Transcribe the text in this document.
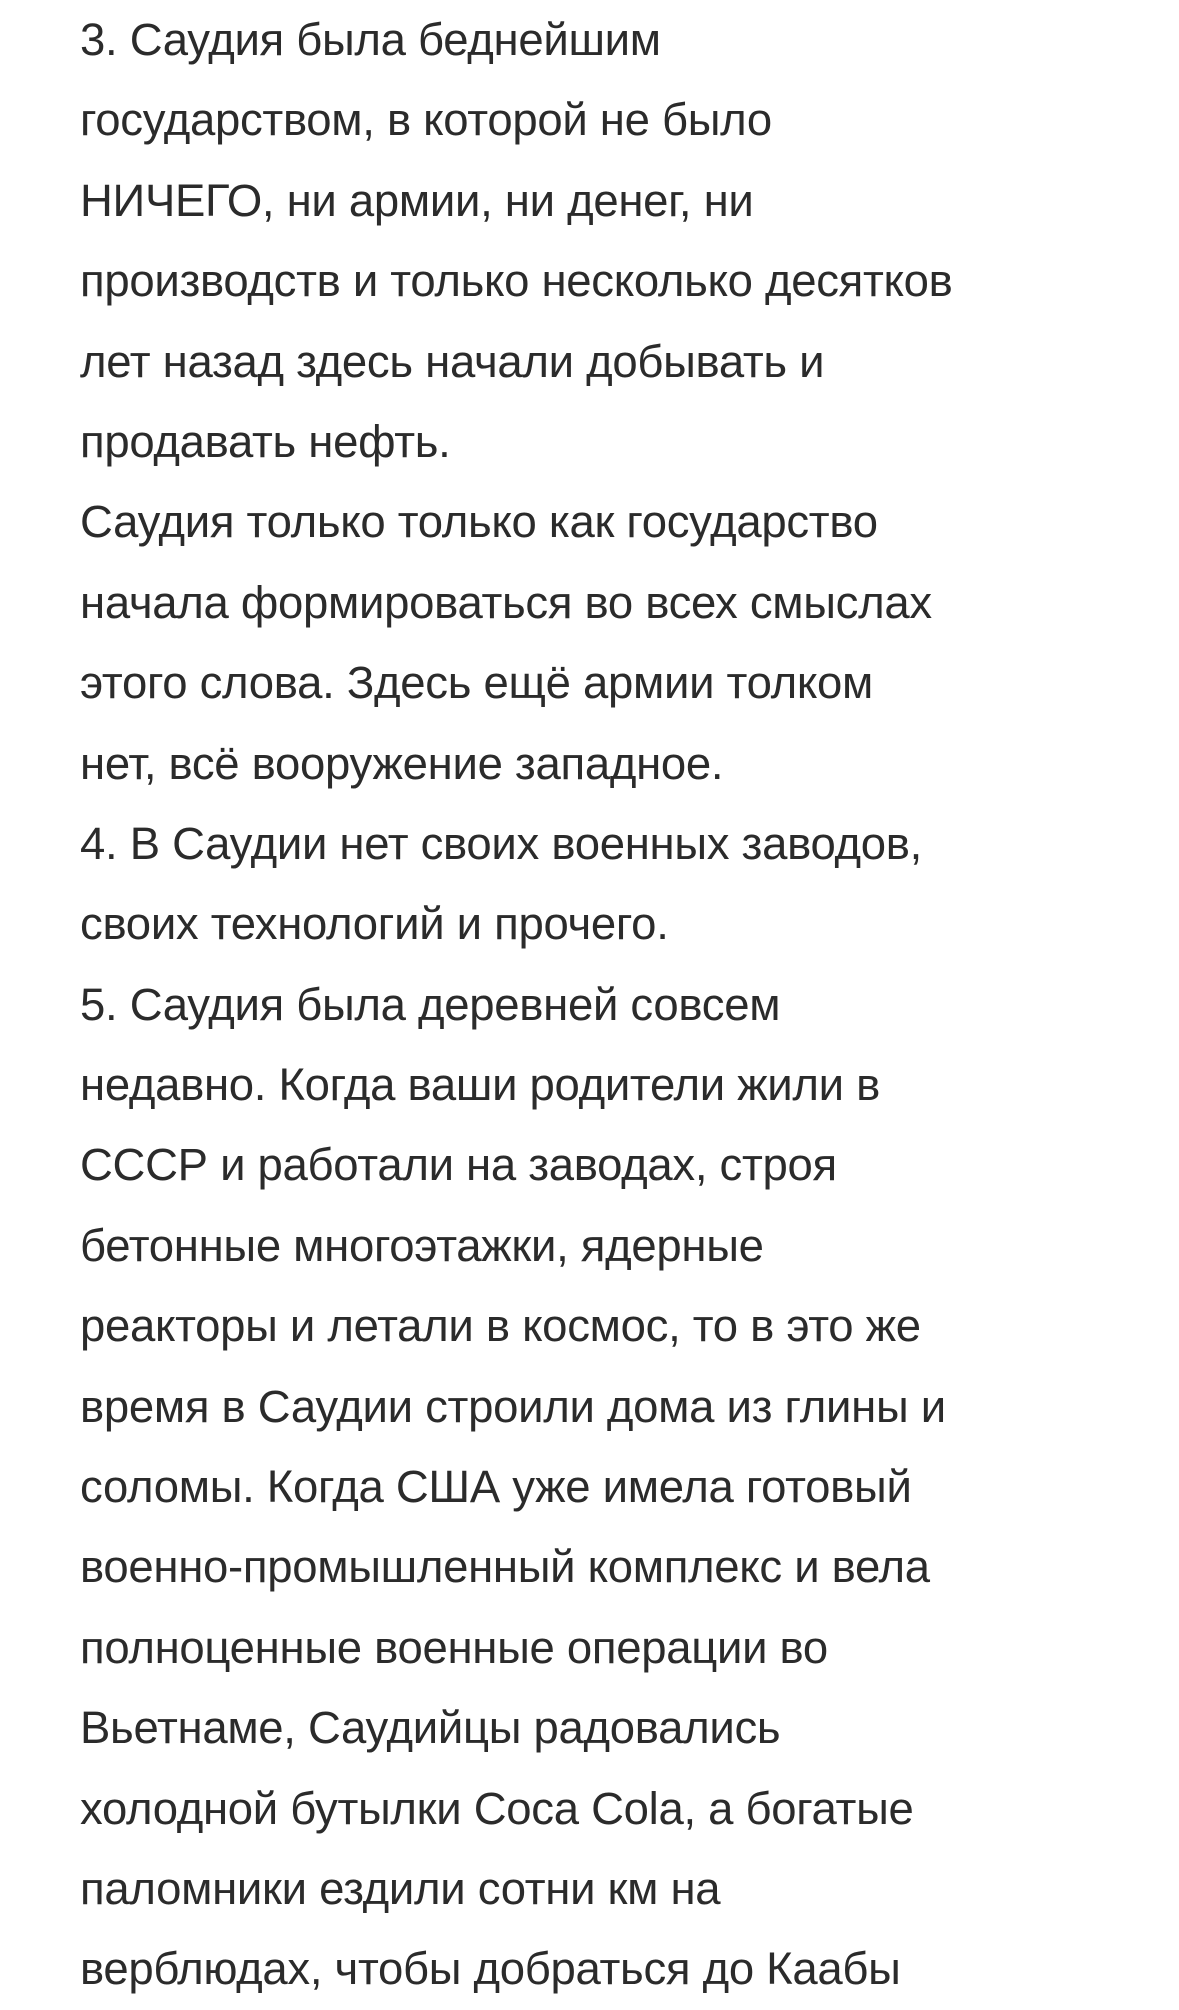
3. Саудия была беднейшим
государством, в которой не было
НИЧЕГО, ни армии, ни денег, ни
производств и только несколько десятков
лет назад здесь начали добывать и
продавать нефть.
Саудия только только как государство
начала формироваться во всех смыслах
этого слова. Здесь ещё армии толком
нет, всё вооружение западное.
4. В Саудии нет своих военных заводов,
своих технологий и прочего.
5. Саудия была деревней совсем
недавно. Когда ваши родители жили в
СССР и работали на заводах, строя
бетонные многоэтажки, ядерные
реакторы и летали в космос, то в это же
время в Саудии строили дома из глины и
соломы. Когда США уже имела готовый
военно-промышленный комплекс и вела
полноценные военные операции во
Вьетнаме, Саудийцы радовались
холодной бутылки Coca Cola, а богатые
паломники ездили сотни км на
верблюдах, чтобы добраться до Каабы
